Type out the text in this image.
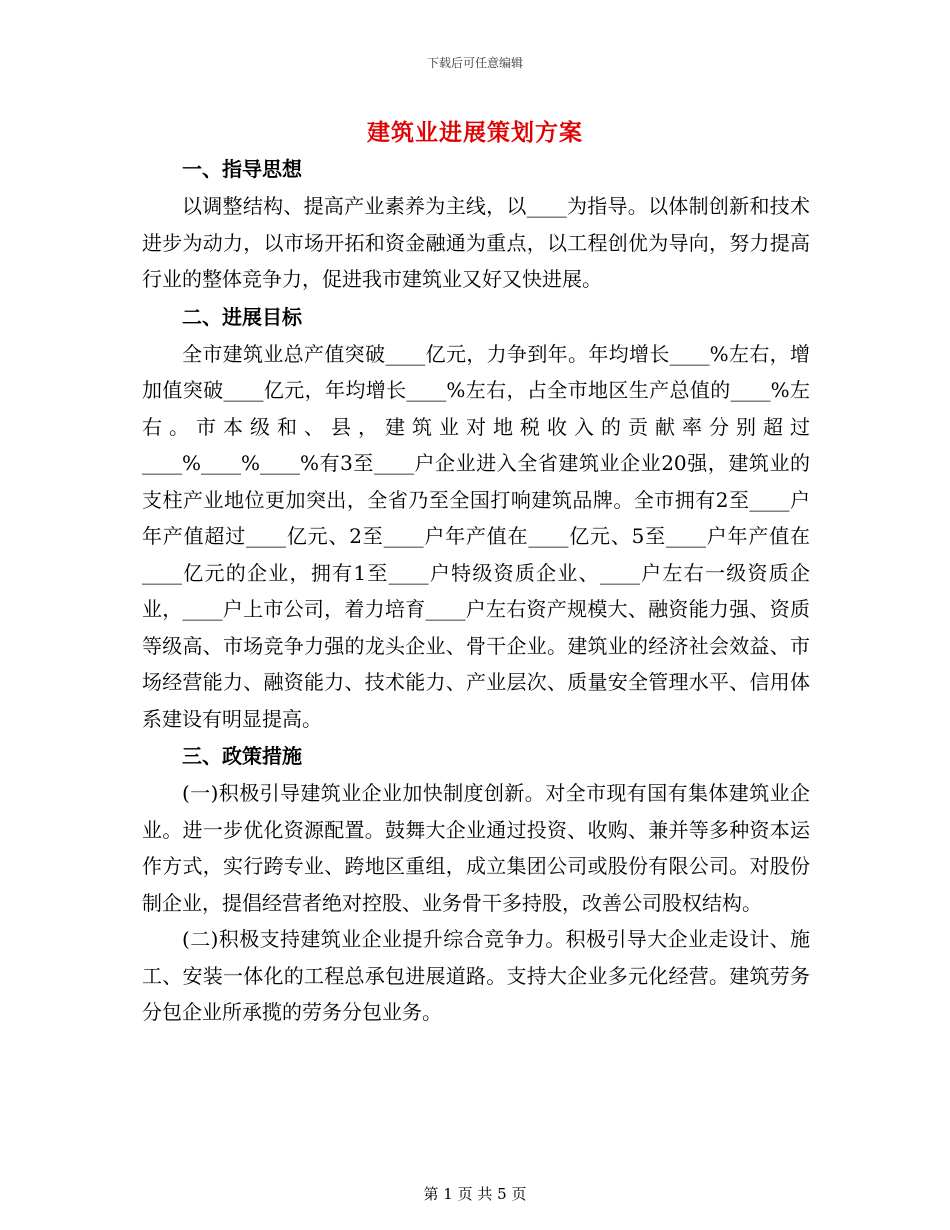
下载后可任意编辑
建筑业进展策划方案

一、指导思想

以调整结构、提高产业素养为主线，以____为指导。以体制创新和技术进步为动力，以市场开拓和资金融通为重点，以工程创优为导向，努力提高行业的整体竞争力，促进我市建筑业又好又快进展。

二、进展目标

全市建筑业总产值突破____亿元，力争到年。年均增长____%左右，增加值突破____亿元，年均增长____%左右，占全市地区生产总值的____%左右。市本级和、县，建筑业对地税收入的贡献率分别超过____%____%____%有3至____户企业进入全省建筑业企业20强，建筑业的支柱产业地位更加突出，全省乃至全国打响建筑品牌。全市拥有2至____户年产值超过____亿元、2至____户年产值在____亿元、5至____户年产值在____亿元的企业，拥有1至____户特级资质企业、____户左右一级资质企业，____户上市公司，着力培育____户左右资产规模大、融资能力强、资质等级高、市场竞争力强的龙头企业、骨干企业。建筑业的经济社会效益、市场经营能力、融资能力、技术能力、产业层次、质量安全管理水平、信用体系建设有明显提高。

三、政策措施

(一)积极引导建筑业企业加快制度创新。对全市现有国有集体建筑业企业。进一步优化资源配置。鼓舞大企业通过投资、收购、兼并等多种资本运作方式，实行跨专业、跨地区重组，成立集团公司或股份有限公司。对股份制企业，提倡经营者绝对控股、业务骨干多持股，改善公司股权结构。

(二)积极支持建筑业企业提升综合竞争力。积极引导大企业走设计、施工、安装一体化的工程总承包进展道路。支持大企业多元化经营。建筑劳务分包企业所承揽的劳务分包业务。

第 1 页 共 5 页
